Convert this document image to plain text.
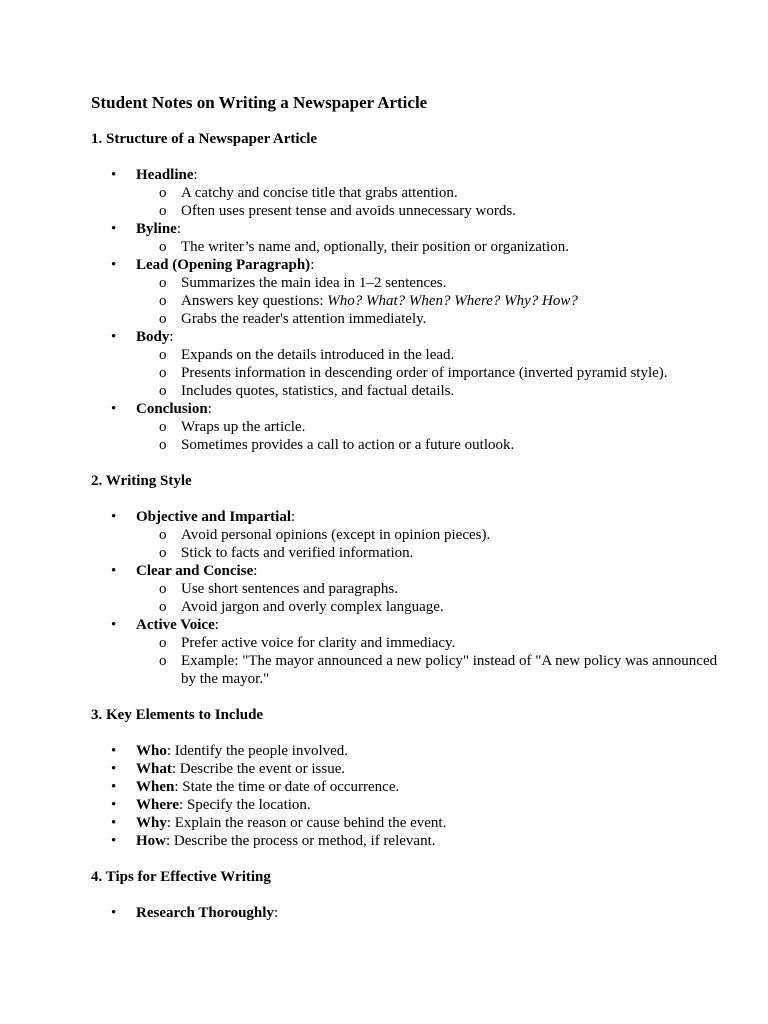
Student Notes on Writing a Newspaper Article
1. Structure of a Newspaper Article
• Headline:
o A catchy and concise title that grabs attention.
o Often uses present tense and avoids unnecessary words.
• Byline:
o The writer’s name and, optionally, their position or organization.
• Lead (Opening Paragraph):
o Summarizes the main idea in 1–2 sentences.
o Answers key questions: Who? What? When? Where? Why? How?
o Grabs the reader's attention immediately.
• Body:
o Expands on the details introduced in the lead.
o Presents information in descending order of importance (inverted pyramid style).
o Includes quotes, statistics, and factual details.
• Conclusion:
o Wraps up the article.
o Sometimes provides a call to action or a future outlook.
2. Writing Style
• Objective and Impartial:
o Avoid personal opinions (except in opinion pieces).
o Stick to facts and verified information.
• Clear and Concise:
o Use short sentences and paragraphs.
o Avoid jargon and overly complex language.
• Active Voice:
o Prefer active voice for clarity and immediacy.
o Example: "The mayor announced a new policy" instead of "A new policy was announced by the mayor."
3. Key Elements to Include
• Who: Identify the people involved.
• What: Describe the event or issue.
• When: State the time or date of occurrence.
• Where: Specify the location.
• Why: Explain the reason or cause behind the event.
• How: Describe the process or method, if relevant.
4. Tips for Effective Writing
• Research Thoroughly:
